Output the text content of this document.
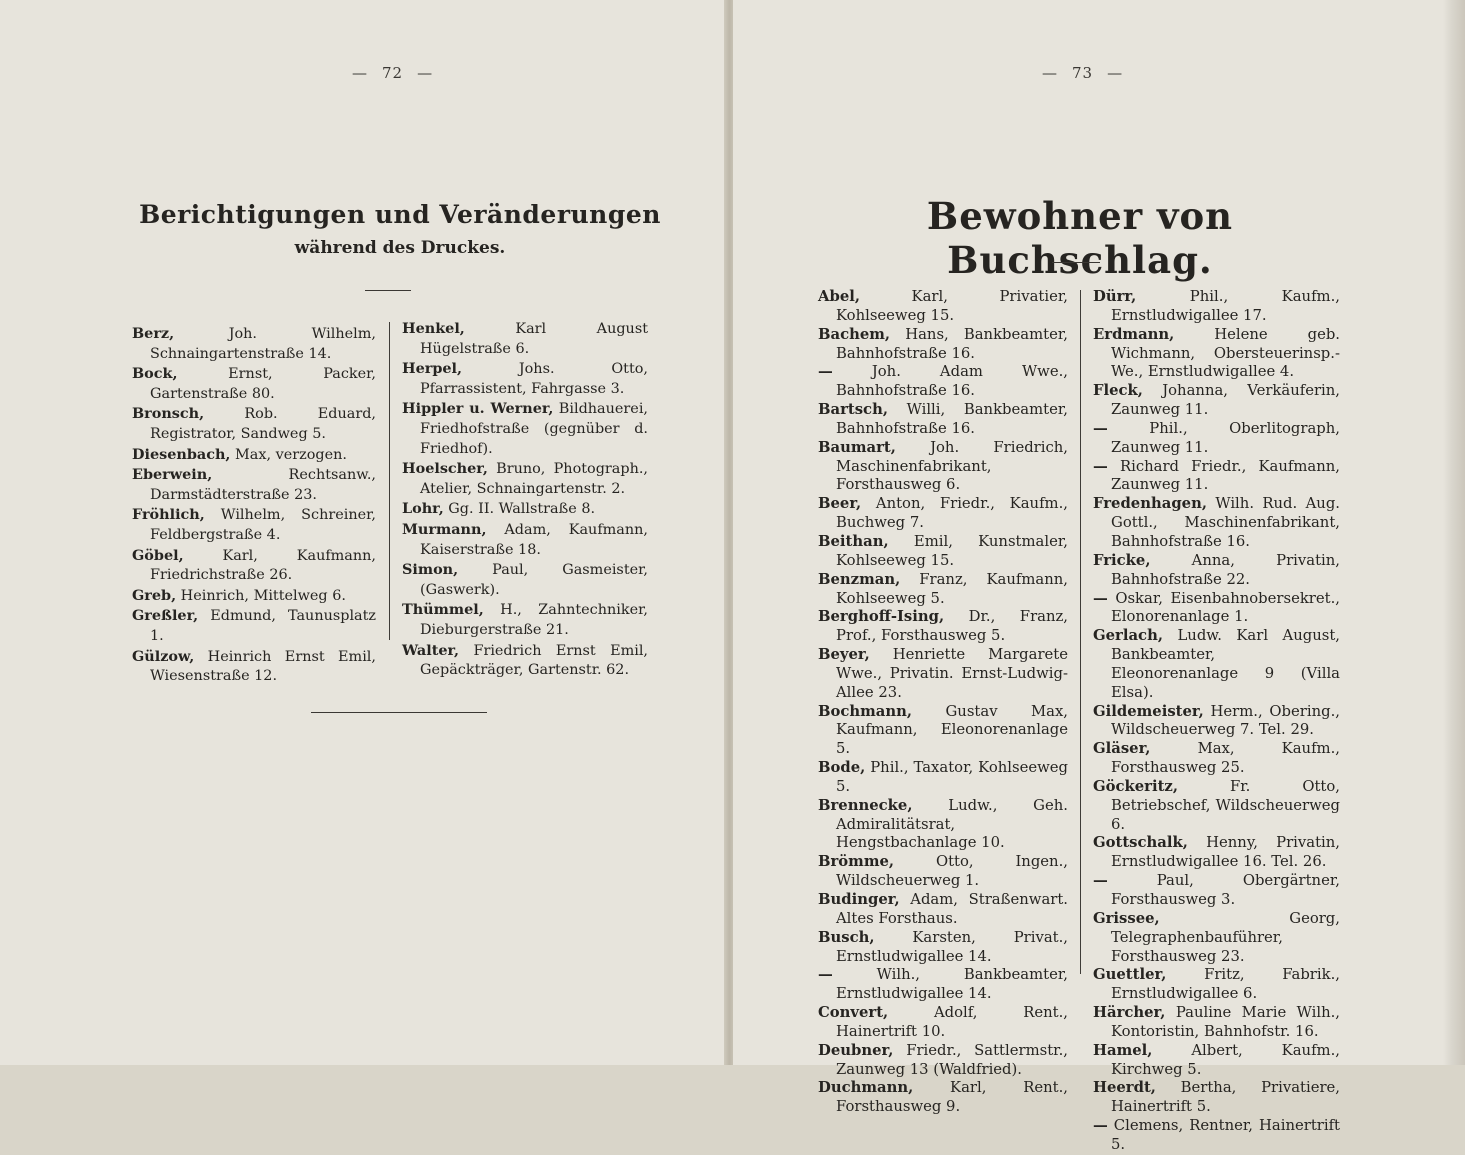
— 72 —
Berichtigungen und Veränderungen
während des Druckes.
Berz, Joh. Wilhelm, Schnaingartenstraße 14.
Bock, Ernst, Packer, Gartenstraße 80.
Bronsch, Rob. Eduard, Registrator, Sandweg 5.
Diesenbach, Max, verzogen.
Eberwein, Rechtsanw., Darmstädterstraße 23.
Fröhlich, Wilhelm, Schreiner, Feldbergstraße 4.
Göbel, Karl, Kaufmann, Friedrichstraße 26.
Greb, Heinrich, Mittelweg 6.
Greßler, Edmund, Taunusplatz 1.
Gülzow, Heinrich Ernst Emil, Wiesenstraße 12.
Henkel, Karl August Hügelstraße 6.
Herpel, Johs. Otto, Pfarrassistent, Fahrgasse 3.
Hippler u. Werner, Bildhauerei, Friedhofstraße (gegnüber d. Friedhof).
Hoelscher, Bruno, Photograph., Atelier, Schnaingartenstr. 2.
Lohr, Gg. II. Wallstraße 8.
Murmann, Adam, Kaufmann, Kaiserstraße 18.
Simon, Paul, Gasmeister, (Gaswerk).
Thümmel, H., Zahntechniker, Dieburgerstraße 21.
Walter, Friedrich Ernst Emil, Gepäckträger, Gartenstr. 62.
— 73 —
Bewohner von Buchschlag.
Abel, Karl, Privatier, Kohlseeweg 15.
Bachem, Hans, Bankbeamter, Bahnhofstraße 16.
— Joh. Adam Wwe., Bahnhofstraße 16.
Bartsch, Willi, Bankbeamter, Bahnhofstraße 16.
Baumart, Joh. Friedrich, Maschinenfabrikant, Forsthausweg 6.
Beer, Anton, Friedr., Kaufm., Buchweg 7.
Beithan, Emil, Kunstmaler, Kohlseeweg 15.
Benzman, Franz, Kaufmann, Kohlseeweg 5.
Berghoff-Ising, Dr., Franz, Prof., Forsthausweg 5.
Beyer, Henriette Margarete Wwe., Privatin. Ernst-Ludwig-Allee 23.
Bochmann, Gustav Max, Kaufmann, Eleonorenanlage 5.
Bode, Phil., Taxator, Kohlseeweg 5.
Brennecke, Ludw., Geh. Admiralitätsrat, Hengstbachanlage 10.
Brömme, Otto, Ingen., Wildscheuerweg 1.
Budinger, Adam, Straßenwart. Altes Forsthaus.
Busch, Karsten, Privat., Ernstludwigallee 14.
— Wilh., Bankbeamter, Ernstludwigallee 14.
Convert, Adolf, Rent., Hainertrift 10.
Deubner, Friedr., Sattlermstr., Zaunweg 13 (Waldfried).
Duchmann, Karl, Rent., Forsthausweg 9.
Dürr, Phil., Kaufm., Ernstludwigallee 17.
Erdmann, Helene geb. Wichmann, Obersteuerinsp.-We., Ernstludwigallee 4.
Fleck, Johanna, Verkäuferin, Zaunweg 11.
— Phil., Oberlitograph, Zaunweg 11.
— Richard Friedr., Kaufmann, Zaunweg 11.
Fredenhagen, Wilh. Rud. Aug. Gottl., Maschinenfabrikant, Bahnhofstraße 16.
Fricke, Anna, Privatin, Bahnhofstraße 22.
— Oskar, Eisenbahnobersekret., Elonorenanlage 1.
Gerlach, Ludw. Karl August, Bankbeamter, Eleonorenanlage 9 (Villa Elsa).
Gildemeister, Herm., Obering., Wildscheuerweg 7. Tel. 29.
Gläser, Max, Kaufm., Forsthausweg 25.
Göckeritz, Fr. Otto, Betriebschef, Wildscheuerweg 6.
Gottschalk, Henny, Privatin, Ernstludwigallee 16. Tel. 26.
— Paul, Obergärtner, Forsthausweg 3.
Grissee, Georg, Telegraphenbauführer, Forsthausweg 23.
Guettler, Fritz, Fabrik., Ernstludwigallee 6.
Härcher, Pauline Marie Wilh., Kontoristin, Bahnhofstr. 16.
Hamel, Albert, Kaufm., Kirchweg 5.
Heerdt, Bertha, Privatiere, Hainertrift 5.
— Clemens, Rentner, Hainertrift 5.
